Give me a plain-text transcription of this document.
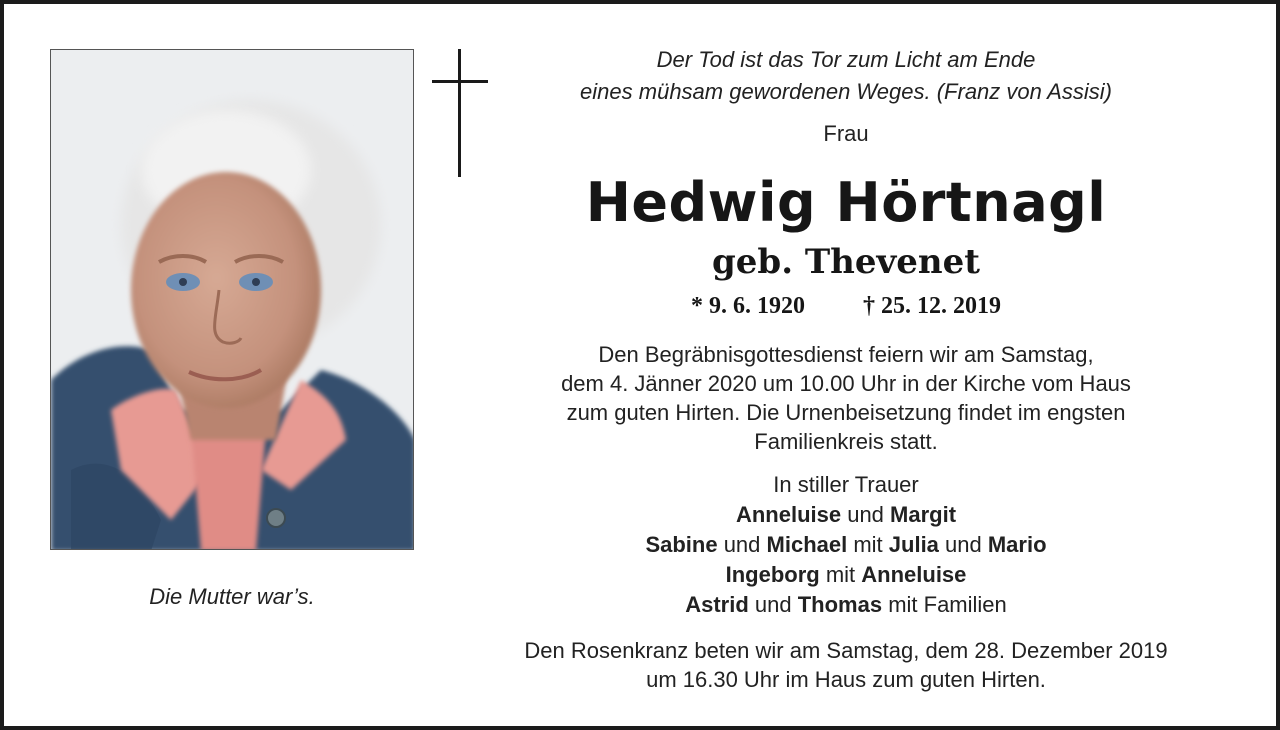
Die Mutter war’s.
Der Tod ist das Tor zum Licht am Ende
eines mühsam gewordenen Weges. (Franz von Assisi)
Frau
Hedwig Hörtnagl
geb. Thevenet
* 9. 6. 1920 † 25. 12. 2019
Den Begräbnisgottesdienst feiern wir am Samstag,
dem 4. Jänner 2020 um 10.00 Uhr in der Kirche vom Haus
zum guten Hirten. Die Urnenbeisetzung findet im engsten
Familienkreis statt.
In stiller Trauer
Anneluise und Margit
Sabine und Michael mit Julia und Mario
Ingeborg mit Anneluise
Astrid und Thomas mit Familien
Den Rosenkranz beten wir am Samstag, dem 28. Dezember 2019
um 16.30 Uhr im Haus zum guten Hirten.
